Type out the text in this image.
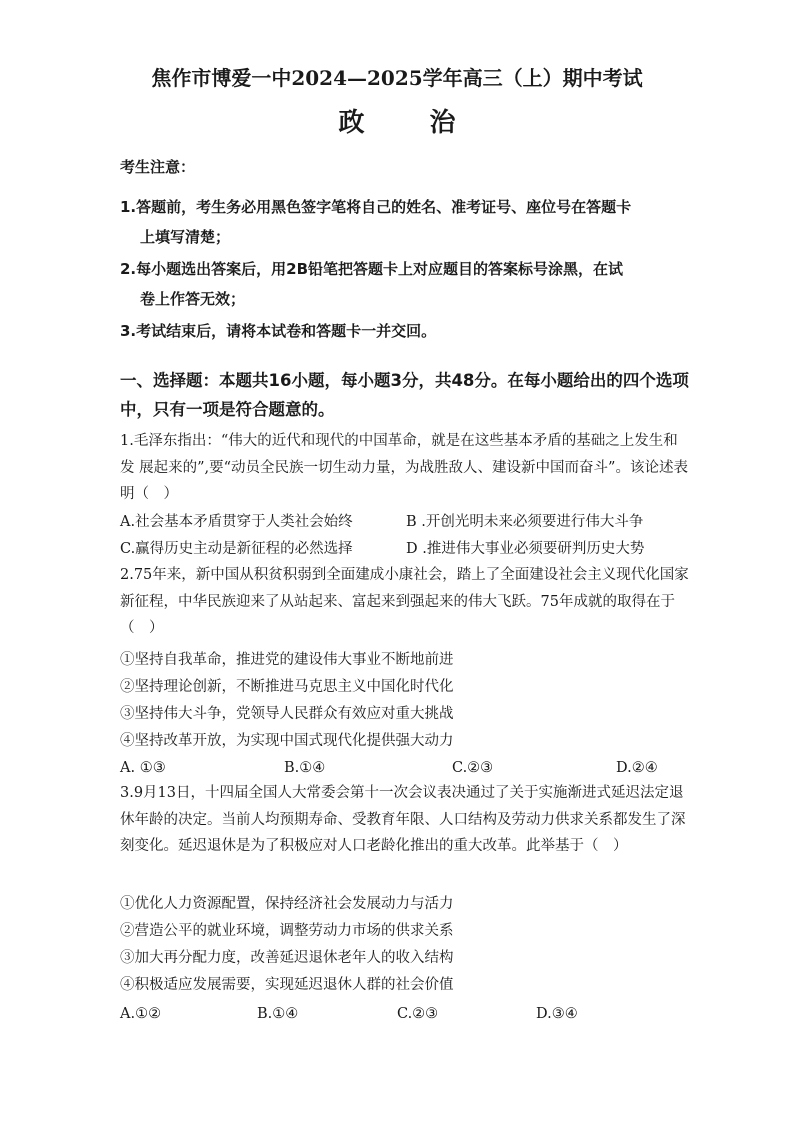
焦作市博爱一中2024—2025学年高三（上）期中考试
政 治
考生注意：
1.答题前，考生务必用黑色签字笔将自己的姓名、准考证号、座位号在答题卡
上填写清楚；
2.每小题选出答案后，用2B铅笔把答题卡上对应题目的答案标号涂黑，在试
卷上作答无效；
3.考试结束后，请将本试卷和答题卡一并交回。
一、选择题：本题共16小题，每小题3分，共48分。在每小题给出的四个选项中，只有一项是符合题意的。
1.毛泽东指出：“伟大的近代和现代的中国革命，就是在这些基本矛盾的基础之上发生和发 展起来的”,要“动员全民族一切生动力量，为战胜敌人、建设新中国而奋斗”。该论述表明（　）
A.社会基本矛盾贯穿于人类社会始终	B .开创光明未来必须要进行伟大斗争
C.赢得历史主动是新征程的必然选择	D .推进伟大事业必须要研判历史大势
2.75年来，新中国从积贫积弱到全面建成小康社会，踏上了全面建设社会主义现代化国家新征程，中华民族迎来了从站起来、富起来到强起来的伟大飞跃。75年成就的取得在于（　）
①坚持自我革命，推进党的建设伟大事业不断地前进
②坚持理论创新，不断推进马克思主义中国化时代化
③坚持伟大斗争，党领导人民群众有效应对重大挑战
④坚持改革开放，为实现中国式现代化提供强大动力
A. ①③	B.①④	C.②③	D.②④
3.9月13日，十四届全国人大常委会第十一次会议表决通过了关于实施渐进式延迟法定退休年龄的决定。当前人均预期寿命、受教育年限、人口结构及劳动力供求关系都发生了深刻变化。延迟退休是为了积极应对人口老龄化推出的重大改革。此举基于（　）
①优化人力资源配置，保持经济社会发展动力与活力
②营造公平的就业环境，调整劳动力市场的供求关系
③加大再分配力度，改善延迟退休老年人的收入结构
④积极适应发展需要，实现延迟退休人群的社会价值
A.①②	B.①④	C.②③	D.③④
